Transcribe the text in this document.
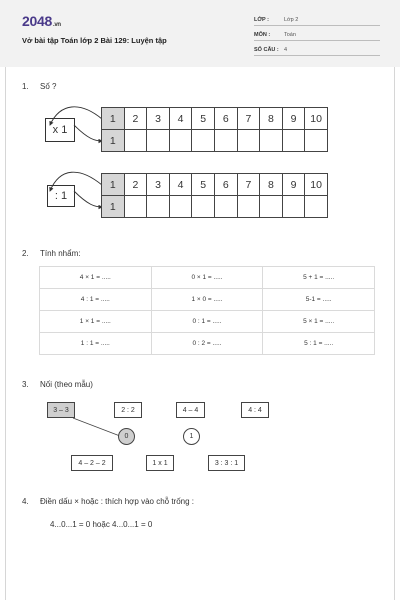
2048.vn
Vở bài tập Toán lớp 2 Bài 129: Luyện tập
LỚP :	Lớp 2
MÔN :	Toán
SỐ CÂU : 4
1. Số ?
x 1
1	2	3	4	5	6	7	8	9	10
1									
: 1
1	2	3	4	5	6	7	8	9	10
1									
2. Tính nhẩm:
4 × 1 = .....	0 × 1 = .....	5 + 1 = .....
4 : 1 = .....	1 × 0 = .....	5-1 = .....
1 × 1 = .....	0 : 1 = .....	5 × 1 = .....
1 : 1 = .....	0 : 2 = .....	5 : 1 = .....
3. Nối (theo mẫu)
3 – 3	2 : 2	4 – 4	4 : 4
0	1
4 – 2 – 2	1 x 1	3 : 3 : 1
4. Điền dấu × hoặc : thích hợp vào chỗ trống :
4...0...1 = 0 hoặc 4...0...1 = 0
